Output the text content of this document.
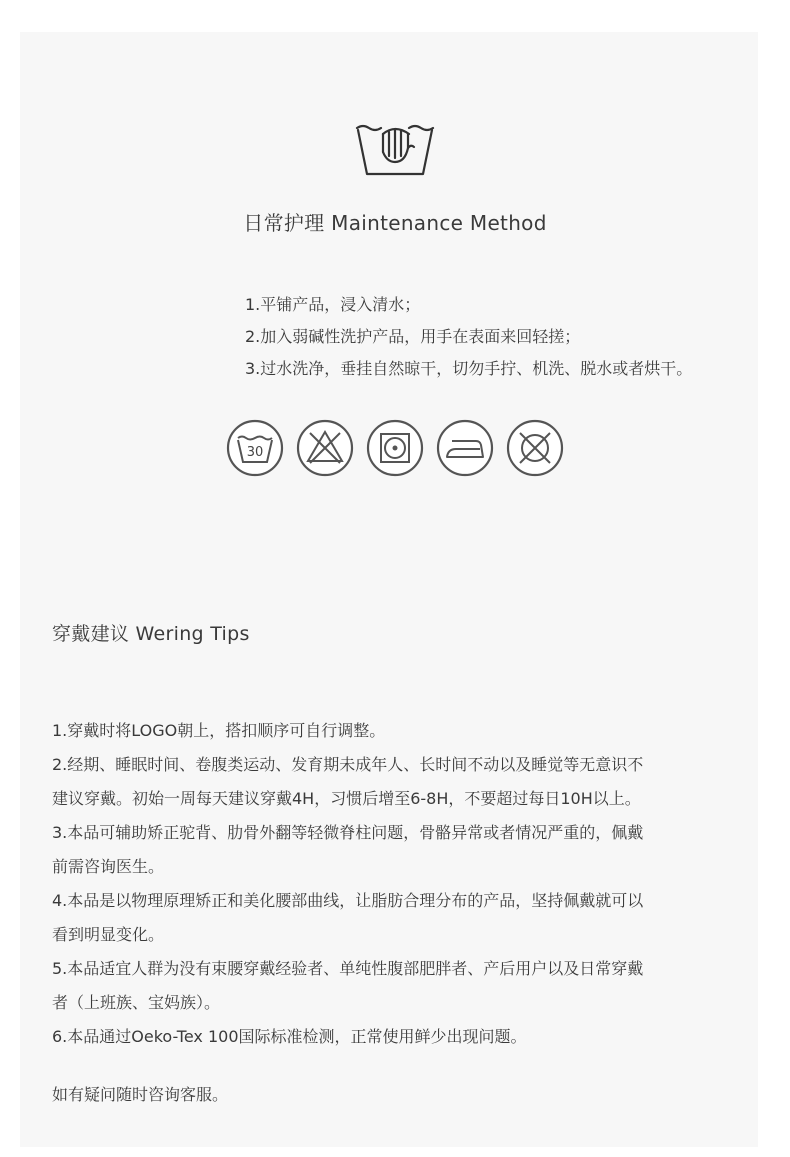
日常护理 Maintenance Method
1.平铺产品，浸入清水；
2.加入弱碱性洗护产品，用手在表面来回轻搓；
3.过水洗净，垂挂自然晾干，切勿手拧、机洗、脱水或者烘干。
30
穿戴建议 Wering Tips
1.穿戴时将LOGO朝上，搭扣顺序可自行调整。
2.经期、睡眠时间、卷腹类运动、发育期未成年人、长时间不动以及睡觉等无意识不
建议穿戴。初始一周每天建议穿戴4H，习惯后增至6-8H，不要超过每日10H以上。
3.本品可辅助矫正驼背、肋骨外翻等轻微脊柱问题，骨骼异常或者情况严重的，佩戴
前需咨询医生。
4.本品是以物理原理矫正和美化腰部曲线，让脂肪合理分布的产品，坚持佩戴就可以
看到明显变化。
5.本品适宜人群为没有束腰穿戴经验者、单纯性腹部肥胖者、产后用户以及日常穿戴
者（上班族、宝妈族）。
6.本品通过Oeko-Tex 100国际标准检测，正常使用鲜少出现问题。
如有疑问随时咨询客服。
